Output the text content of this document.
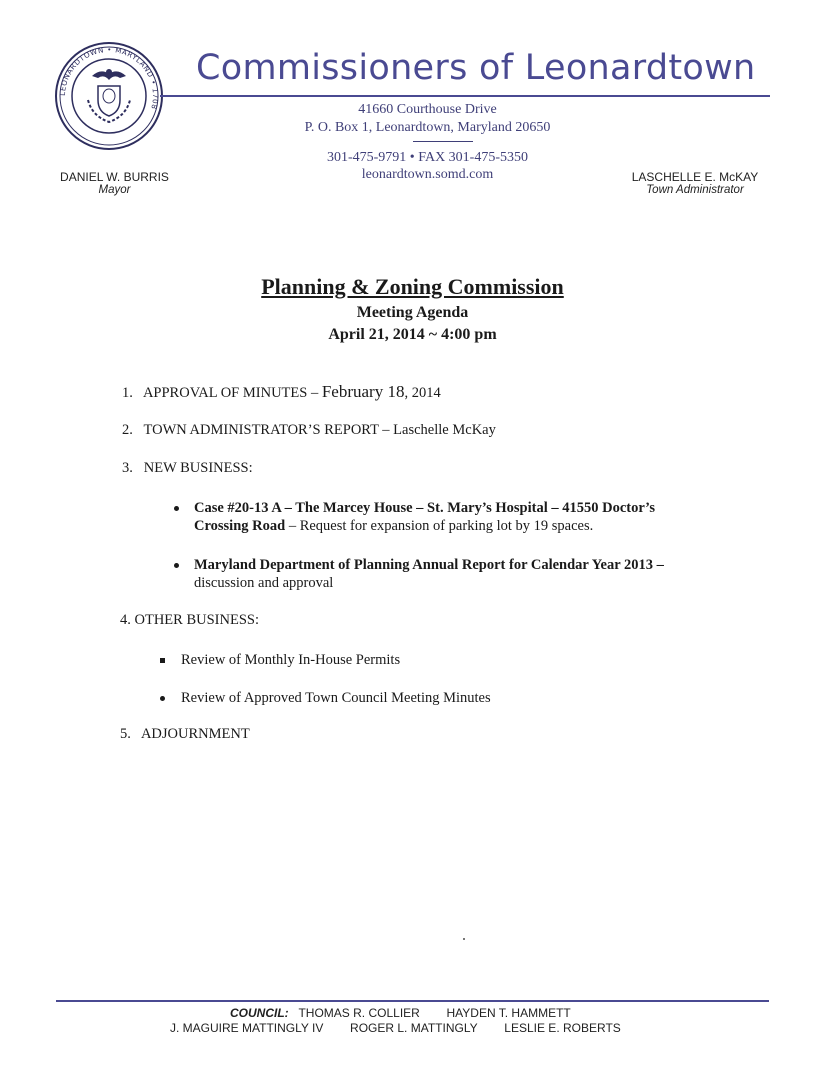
LEONARDTOWN • MARYLAND • 1708
Commissioners of Leonardtown
41660 Courthouse Drive
P. O. Box 1, Leonardtown, Maryland 20650
301-475-9791 • FAX 301-475-5350
leonardtown.somd.com
DANIEL W. BURRIS
Mayor
LASCHELLE E. McKAY
Town Administrator
Planning & Zoning Commission
Meeting Agenda
April 21, 2014 ~ 4:00 pm
1. APPROVAL OF MINUTES – February 18, 2014
2. TOWN ADMINISTRATOR’S REPORT – Laschelle McKay
3. NEW BUSINESS:
Case #20-13 A – The Marcey House – St. Mary’s Hospital – 41550 Doctor’s
Crossing Road – Request for expansion of parking lot by 19 spaces.
Maryland Department of Planning Annual Report for Calendar Year 2013 –
discussion and approval
4. OTHER BUSINESS:
Review of Monthly In-House Permits
Review of Approved Town Council Meeting Minutes
5. ADJOURNMENT
COUNCIL: THOMAS R. COLLIER HAYDEN T. HAMMETT
J. MAGUIRE MATTINGLY IV ROGER L. MATTINGLY LESLIE E. ROBERTS
